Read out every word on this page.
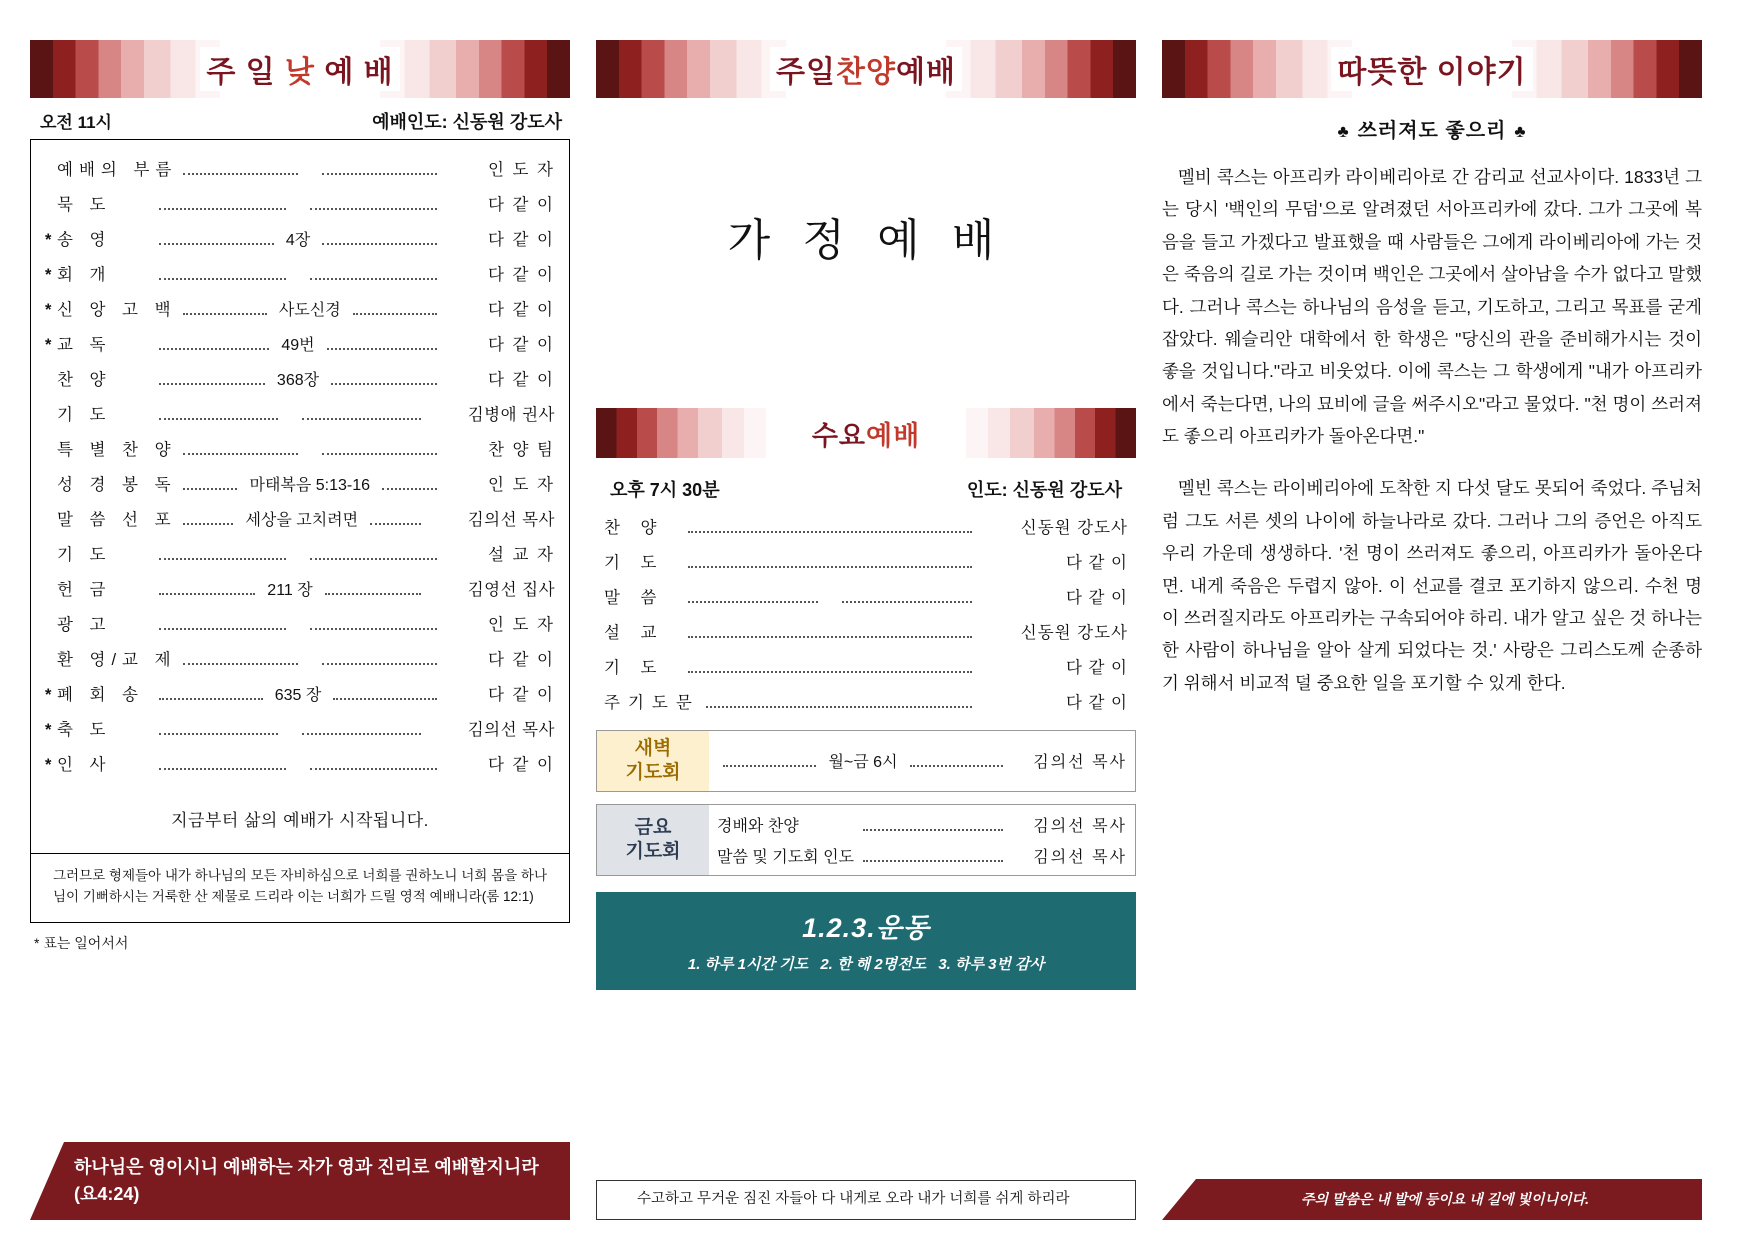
주 일 낮 예 배
오전 11시	예배인도: 신동원 강도사
예배의 부름	인 도 자
묵 도	다 같 이
* 송 영	4장	다 같 이
* 회 개	다 같 이
* 신 앙 고 백	사도신경	다 같 이
* 교 독	49번	다 같 이
찬 양	368장	다 같 이
기 도	김병애 권사
특 별 찬 양	찬 양 팀
성 경 봉 독	마태복음 5:13-16	인 도 자
말 씀 선 포	세상을 고치려면	김의선 목사
기 도	설 교 자
헌 금	211 장	김영선 집사
광 고	인 도 자
환 영/교 제	다 같 이
* 폐 회 송	635 장	다 같 이
* 축 도	김의선 목사
* 인 사	다 같 이
지금부터 삶의 예배가 시작됩니다.
그러므로 형제들아 내가 하나님의 모든 자비하심으로 너희를 권하노니 너희 몸을 하나님이 기뻐하시는 거룩한 산 제물로 드리라 이는 너희가 드릴 영적 예배니라(롬 12:1)
* 표는 일어서서
하나님은 영이시니 예배하는 자가 영과 진리로 예배할지니라 (요4:24)
주일찬양예배
가 정 예 배
수요예배
오후 7시 30분	인도: 신동원 강도사
찬 양	신동원 강도사
기 도	다 같 이
말 씀	다 같 이
설 교	신동원 강도사
기 도	다 같 이
주기도문	다 같 이
새벽
기도회	월~금 6시	김의선 목사
금요
기도회
경배와 찬양	김의선 목사
말씀 및 기도회 인도	김의선 목사
1.2.3.운동
1. 하루 1시간 기도 2. 한 해 2명전도 3. 하루 3번 감사
수고하고 무거운 짐진 자들아 다 내게로 오라 내가 너희를 쉬게 하리라
따뜻한 이야기
♣ 쓰러져도 좋으리 ♣

멜비 콕스는 아프리카 라이베리아로 간 감리교 선교사이다. 1833년 그는 당시 '백인의 무덤'으로 알려졌던 서아프리카에 갔다. 그가 그곳에 복음을 들고 가겠다고 발표했을 때 사람들은 그에게 라이베리아에 가는 것은 죽음의 길로 가는 것이며 백인은 그곳에서 살아남을 수가 없다고 말했다. 그러나 콕스는 하나님의 음성을 듣고, 기도하고, 그리고 목표를 굳게 잡았다. 웨슬리안 대학에서 한 학생은 "당신의 관을 준비해가시는 것이 좋을 것입니다."라고 비웃었다. 이에 콕스는 그 학생에게 "내가 아프리카에서 죽는다면, 나의 묘비에 글을 써주시오"라고 물었다. "천 명이 쓰러져도 좋으리 아프리카가 돌아온다면."

멜빈 콕스는 라이베리아에 도착한 지 다섯 달도 못되어 죽었다. 주님처럼 그도 서른 셋의 나이에 하늘나라로 갔다. 그러나 그의 증언은 아직도 우리 가운데 생생하다. '천 명이 쓰러져도 좋으리, 아프리카가 돌아온다면. 내게 죽음은 두렵지 않아. 이 선교를 결코 포기하지 않으리. 수천 명이 쓰러질지라도 아프리카는 구속되어야 하리. 내가 알고 싶은 것 하나는 한 사람이 하나님을 알아 살게 되었다는 것.' 사랑은 그리스도께 순종하기 위해서 비교적 덜 중요한 일을 포기할 수 있게 한다.

주의 말씀은 내 발에 등이요 내 길에 빛이니이다.
